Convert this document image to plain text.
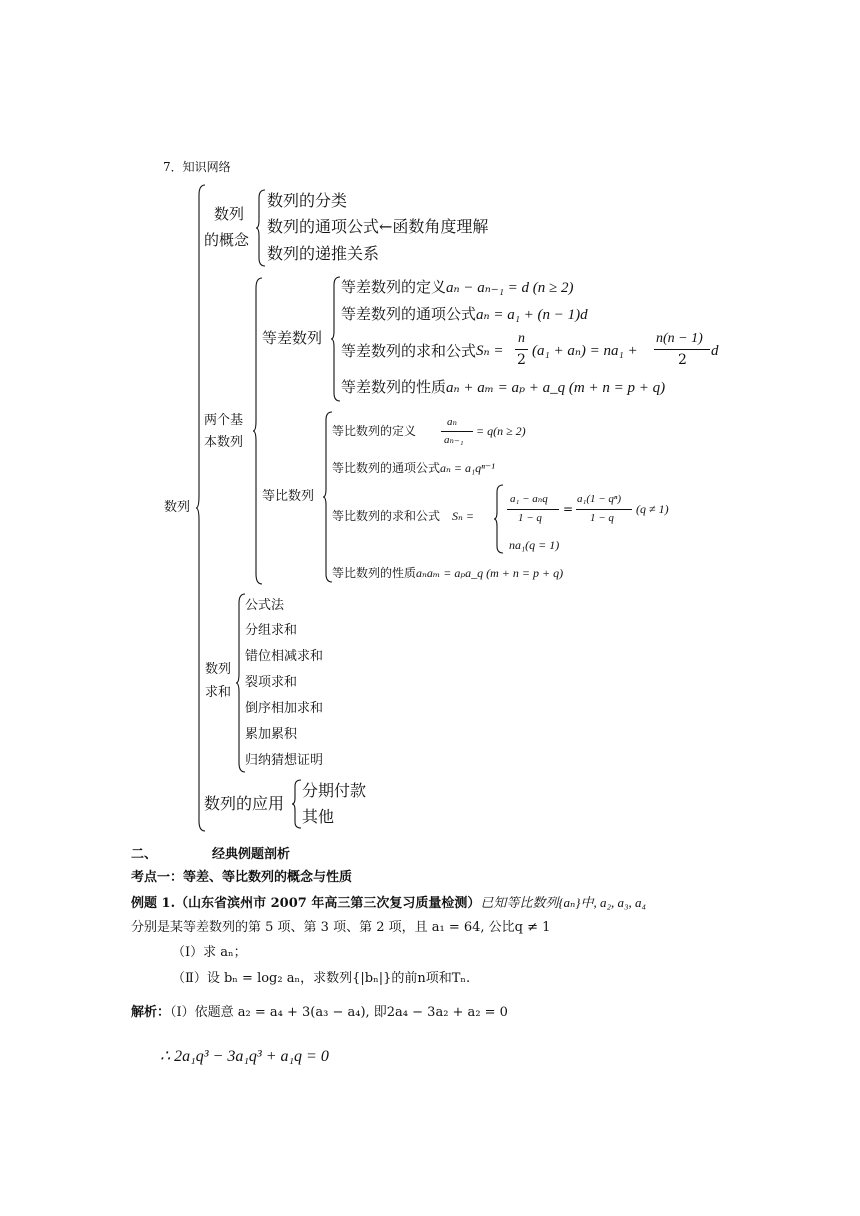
7．知识网络
数列
数列
的概念
数列的分类
数列的通项公式←函数角度理解
数列的递推关系
两个基
本数列
等差数列
等差数列的定义aₙ − aₙ₋₁ = d (n ≥ 2)
等差数列的通项公式aₙ = a₁ + (n − 1)d
等差数列的求和公式 Sₙ =
n
2
(a₁ + aₙ) = na₁ +
n(n − 1)
2
d
等差数列的性质aₙ + aₘ = aₚ + a_q (m + n = p + q)
等比数列
等比数列的定义
aₙ
aₙ₋₁
= q(n ≥ 2)
等比数列的通项公式aₙ = a₁qⁿ⁻¹
等比数列的求和公式 Sₙ =
a₁ − aₙq
1 − q
=
a₁(1 − qⁿ)
1 − q
(q ≠ 1)
na₁(q = 1)
等比数列的性质aₙaₘ = aₚa_q (m + n = p + q)
数列
求和
公式法
分组求和
错位相减求和
裂项求和
倒序相加求和
累加累积
归纳猜想证明
数列的应用
分期付款
其他
二、	经典例题剖析
考点一：等差、等比数列的概念与性质
例题 1.（山东省滨州市 2007 年高三第三次复习质量检测）已知等比数列{aₙ}中, a₂, a₃, a₄
分别是某等差数列的第 5 项、第 3 项、第 2 项，且 a₁ = 64, 公比q ≠ 1
（Ⅰ）求 aₙ；
（Ⅱ）设 bₙ = log₂ aₙ，求数列{|bₙ|}的前n项和Tₙ.
解析：（I）依题意 a₂ = a₄ + 3(a₃ − a₄), 即2a₄ − 3a₂ + a₂ = 0
∴ 2a₁q³ − 3a₁q³ + a₁q = 0
